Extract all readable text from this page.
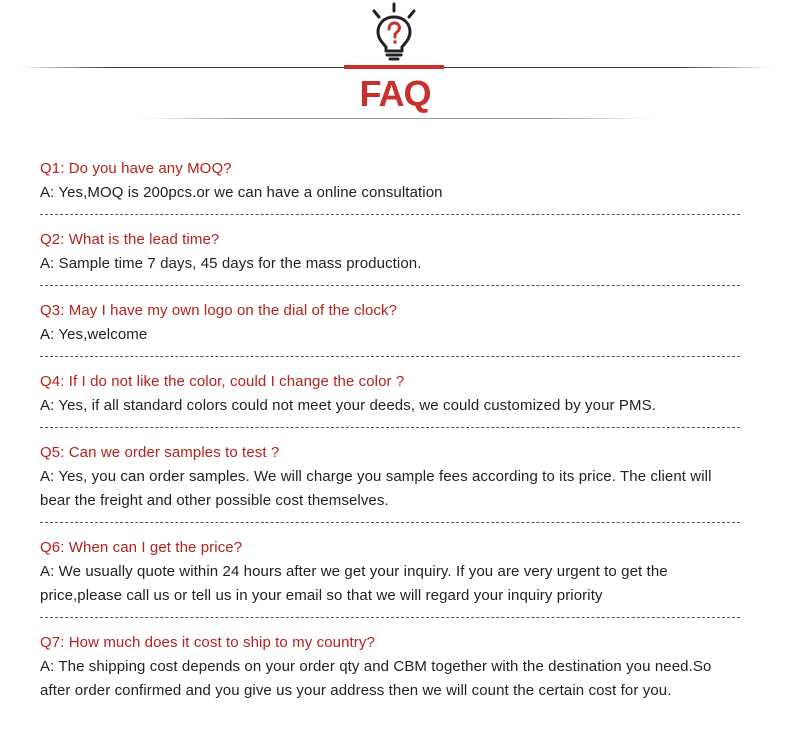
FAQ
Q1: Do you have any MOQ?
A: Yes,MOQ is 200pcs.or we can have a online consultation
Q2: What is the lead time?
A: Sample time 7 days, 45 days for the mass production.
Q3: May I have my own logo on the dial of the clock?
A: Yes,welcome
Q4: If I do not like the color, could I change the color ?
A: Yes, if all standard colors could not meet your deeds, we could customized by your PMS.
Q5: Can we order samples to test ?
A: Yes, you can order samples. We will charge you sample fees according to its price. The client will bear the freight and other possible cost themselves.
Q6: When can I get the price?
A: We usually quote within 24 hours after we get your inquiry. If you are very urgent to get the price,please call us or tell us in your email so that we will regard your inquiry priority
Q7: How much does it cost to ship to my country?
A: The shipping cost depends on your order qty and CBM together with the destination you need.So after order confirmed and you give us your address then we will count the certain cost for you.
